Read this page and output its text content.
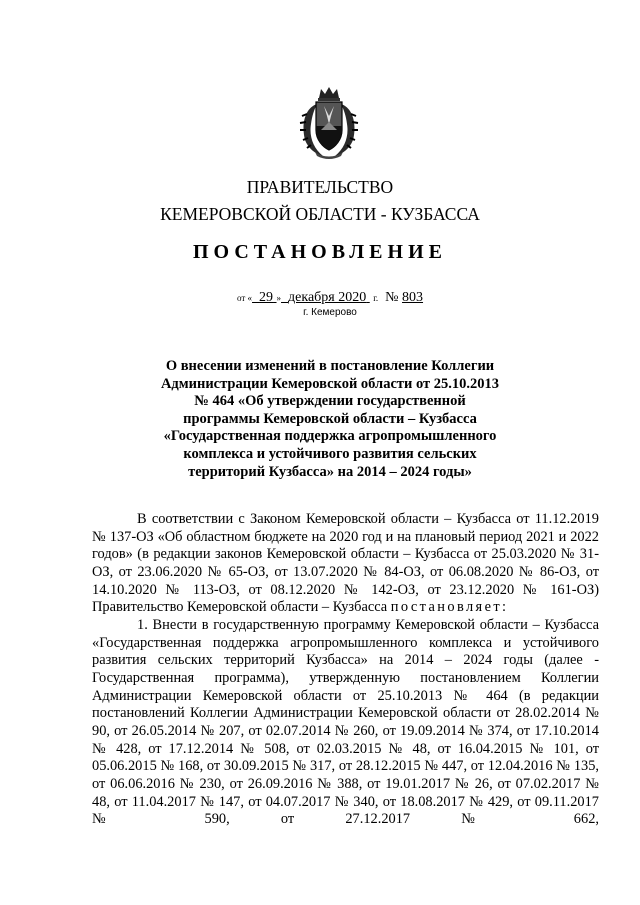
ПРАВИТЕЛЬСТВО
КЕМЕРОВСКОЙ ОБЛАСТИ - КУЗБАССА
ПОСТАНОВЛЕНИЕ
от « 29 » декабря 2020 г. № 803
г. Кемерово
О внесении изменений в постановление Коллегии
Администрации Кемеровской области от 25.10.2013
№ 464 «Об утверждении государственной
программы Кемеровской области – Кузбасса
«Государственная поддержка агропромышленного
комплекса и устойчивого развития сельских
территорий Кузбасса» на 2014 – 2024 годы»

В соответствии с Законом Кемеровской области – Кузбасса от 11.12.2019 № 137-ОЗ «Об областном бюджете на 2020 год и на плановый период 2021 и 2022 годов» (в редакции законов Кемеровской области – Кузбасса от 25.03.2020 № 31-ОЗ, от 23.06.2020 № 65-ОЗ, от 13.07.2020 № 84-ОЗ, от 06.08.2020 № 86-ОЗ, от 14.10.2020 № 113-ОЗ, от 08.12.2020 № 142-ОЗ, от 23.12.2020 № 161-ОЗ) Правительство Кемеровской области – Кузбасса постановляет:

1. Внести в государственную программу Кемеровской области – Кузбасса «Государственная поддержка агропромышленного комплекса и устойчивого развития сельских территорий Кузбасса» на 2014 – 2024 годы (далее - Государственная программа), утвержденную постановлением Коллегии Администрации Кемеровской области от 25.10.2013 № 464 (в редакции постановлений Коллегии Администрации Кемеровской области от 28.02.2014 № 90, от 26.05.2014 № 207, от 02.07.2014 № 260, от 19.09.2014 № 374, от 17.10.2014 № 428, от 17.12.2014 № 508, от 02.03.2015 № 48, от 16.04.2015 № 101, от 05.06.2015 № 168, от 30.09.2015 № 317, от 28.12.2015 № 447, от 12.04.2016 № 135, от 06.06.2016 № 230, от 26.09.2016 № 388, от 19.01.2017 № 26, от 07.02.2017 № 48, от 11.04.2017 № 147, от 04.07.2017 № 340, от 18.08.2017 № 429, от 09.11.2017 № 590, от 27.12.2017 № 662,
